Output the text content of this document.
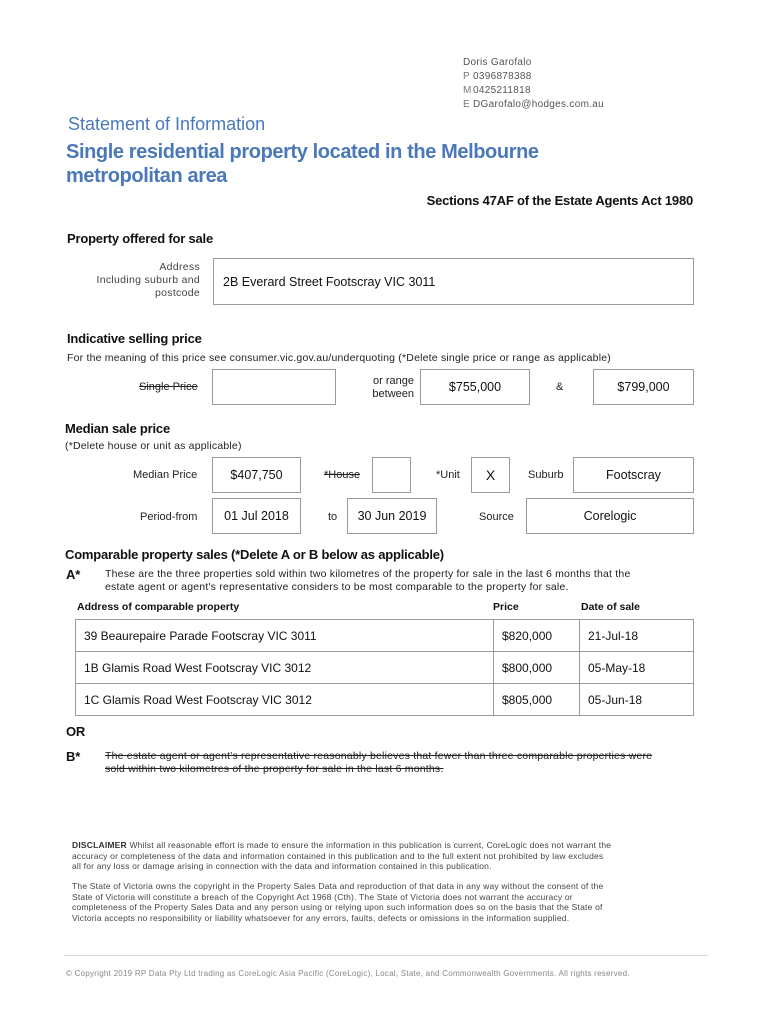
Doris Garofalo
P 0396878388
M0425211818
E DGarofalo@hodges.com.au
Statement of Information
Single residential property located in the Melbourne
metropolitan area
Sections 47AF of the Estate Agents Act 1980
Property offered for sale
Address
Including suburb and
postcode
2B Everard Street Footscray VIC 3011
Indicative selling price
For the meaning of this price see consumer.vic.gov.au/underquoting (*Delete single price or range as applicable)
Single Price	or range
between	$755,000	&	$799,000
Median sale price
(*Delete house or unit as applicable)
Median Price	$407,750	*House	*Unit X	Suburb	Footscray
Period-from 01 Jul 2018	to 30 Jun 2019	Source	Corelogic
Comparable property sales (*Delete A or B below as applicable)
A* These are the three properties sold within two kilometres of the property for sale in the last 6 months that the
estate agent or agent's representative considers to be most comparable to the property for sale.
Address of comparable property	Price	Date of sale
39 Beaurepaire Parade Footscray VIC 3011	$820,000	21-Jul-18
1B Glamis Road West Footscray VIC 3012	$800,000	05-May-18
1C Glamis Road West Footscray VIC 3012	$805,000	05-Jun-18
OR
B* The estate agent or agent's representative reasonably believes that fewer than three comparable properties were
sold within two kilometres of the property for sale in the last 6 months.
DISCLAIMER Whilst all reasonable effort is made to ensure the information in this publication is current, CoreLogic does not warrant the
accuracy or completeness of the data and information contained in this publication and to the full extent not prohibited by law excludes
all for any loss or damage arising in connection with the data and information contained in this publication.
The State of Victoria owns the copyright in the Property Sales Data and reproduction of that data in any way without the consent of the
State of Victoria will constitute a breach of the Copyright Act 1968 (Cth). The State of Victoria does not warrant the accuracy or
completeness of the Property Sales Data and any person using or relying upon such information does so on the basis that the State of
Victoria accepts no responsibility or liability whatsoever for any errors, faults, defects or omissions in the information supplied.
© Copyright 2019 RP Data Pty Ltd trading as CoreLogic Asia Pacific (CoreLogic), Local, State, and Commonwealth Governments. All rights reserved.
